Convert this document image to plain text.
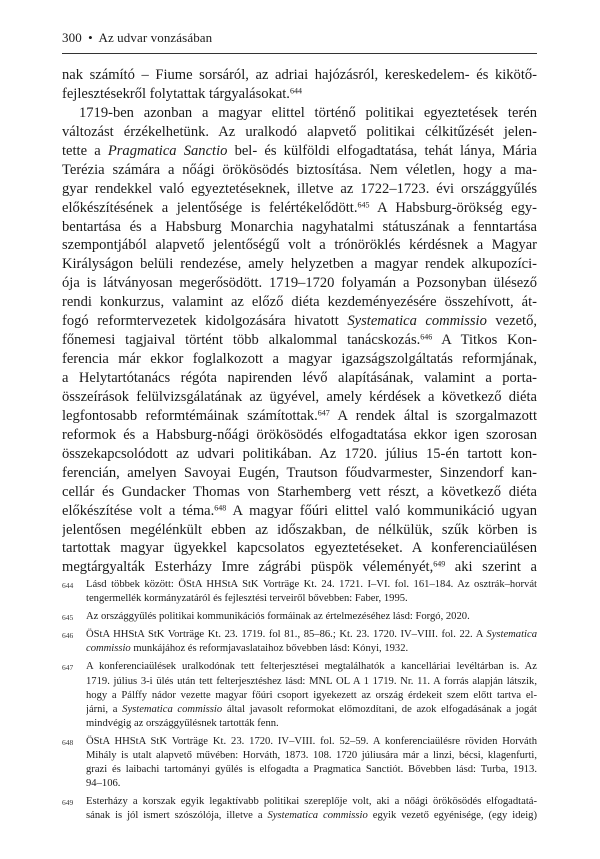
300 • Az udvar vonzásában
nak számító – Fiume sorsáról, az adriai hajózásról, kereskedelem- és kikötő-
fejlesztésekről folytattak tárgyalásokat.$^{644}$
1719-ben azonban a magyar elittel történő politikai egyeztetések terén
változást érzékelhetünk. Az uralkodó alapvető politikai célkitűzését jelen-
tette a Pragmatica Sanctio bel- és külföldi elfogadtatása, tehát lánya, Mária
Terézia számára a nőági örökösödés biztosítása. Nem véletlen, hogy a ma-
gyar rendekkel való egyeztetéseknek, illetve az 1722–1723. évi országgyűlés
előkészítésének a jelentősége is felértékelődött.$^{645}$ A Habsburg-örökség egy-
bentartása és a Habsburg Monarchia nagyhatalmi státuszának a fenntartása
szempontjából alapvető jelentőségű volt a trónöröklés kérdésnek a Magyar
Királyságon belüli rendezése, amely helyzetben a magyar rendek alkupozíci-
ója is látványosan megerősödött. 1719–1720 folyamán a Pozsonyban ülésező
rendi konkurzus, valamint az előző diéta kezdeményezésére összehívott, át-
fogó reformtervezetek kidolgozására hivatott Systematica commissio vezető,
főnemesi tagjaival történt több alkalommal tanácskozás.$^{646}$ A Titkos Kon-
ferencia már ekkor foglalkozott a magyar igazságszolgáltatás reformjának,
a Helytartótanács régóta napirenden lévő alapításának, valamint a porta-
összeírások felülvizsgálatának az ügyével, amely kérdések a következő diéta
legfontosabb reformtémáinak számítottak.$^{647}$ A rendek által is szorgalmazott
reformok és a Habsburg-nőági örökösödés elfogadtatása ekkor igen szorosan
összekapcsolódott az udvari politikában. Az 1720. július 15-én tartott kon-
ferencián, amelyen Savoyai Eugén, Trautson főudvarmester, Sinzendorf kan-
cellár és Gundacker Thomas von Starhemberg vett részt, a következő diéta
előkészítése volt a téma.$^{648}$ A magyar főúri elittel való kommunikáció ugyan
jelentősen megélénkült ebben az időszakban, de nélkülük, szűk körben is
tartottak magyar ügyekkel kapcsolatos egyeztetéseket. A konferenciaülésen
megtárgyalták Esterházy Imre zágrábi püspök véleményét,$^{649}$ aki szerint a
644 Lásd többek között: ÖStA HHStA StK Vorträge Kt. 24. 1721. I–VI. fol. 161–184. Az osztrák–horvát
tengermellék kormányzatáról és fejlesztési terveiről bővebben: Faber, 1995.
645 Az országgyűlés politikai kommunikációs formáinak az értelmezéséhez lásd: Forgó, 2020.
646 ÖStA HHStA StK Vorträge Kt. 23. 1719. fol 81., 85–86.; Kt. 23. 1720. IV–VIII. fol. 22. A Systematica
commissio munkájához és reformjavaslataihoz bővebben lásd: Kónyi, 1932.
647 A konferenciaülések uralkodónak tett felterjesztései megtalálhatók a kancelláriai levéltárban is. Az
1719. július 3-i ülés után tett felterjesztéshez lásd: MNL OL A 1 1719. Nr. 11. A forrás alapján látszik,
hogy a Pálffy nádor vezette magyar főúri csoport igyekezett az ország érdekeit szem előtt tartva el-
járni, a Systematica commissio által javasolt reformokat előmozdítani, de azok elfogadásának a jogát
mindvégig az országgyűlésnek tartották fenn.
648 ÖStA HHStA StK Vorträge Kt. 23. 1720. IV–VIII. fol. 52–59. A konferenciaülésre röviden Horváth
Mihály is utalt alapvető művében: Horváth, 1873. 108. 1720 júliusára már a linzi, bécsi, klagenfurti,
grazi és laibachi tartományi gyűlés is elfogadta a Pragmatica Sanctiót. Bővebben lásd: Turba, 1913.
94–106.
649 Esterházy a korszak egyik legaktívabb politikai szereplője volt, aki a nőági örökösödés elfogadtatá-
sának is jól ismert szószólója, illetve a Systematica commissio egyik vezető egyénisége, (egy ideig)
